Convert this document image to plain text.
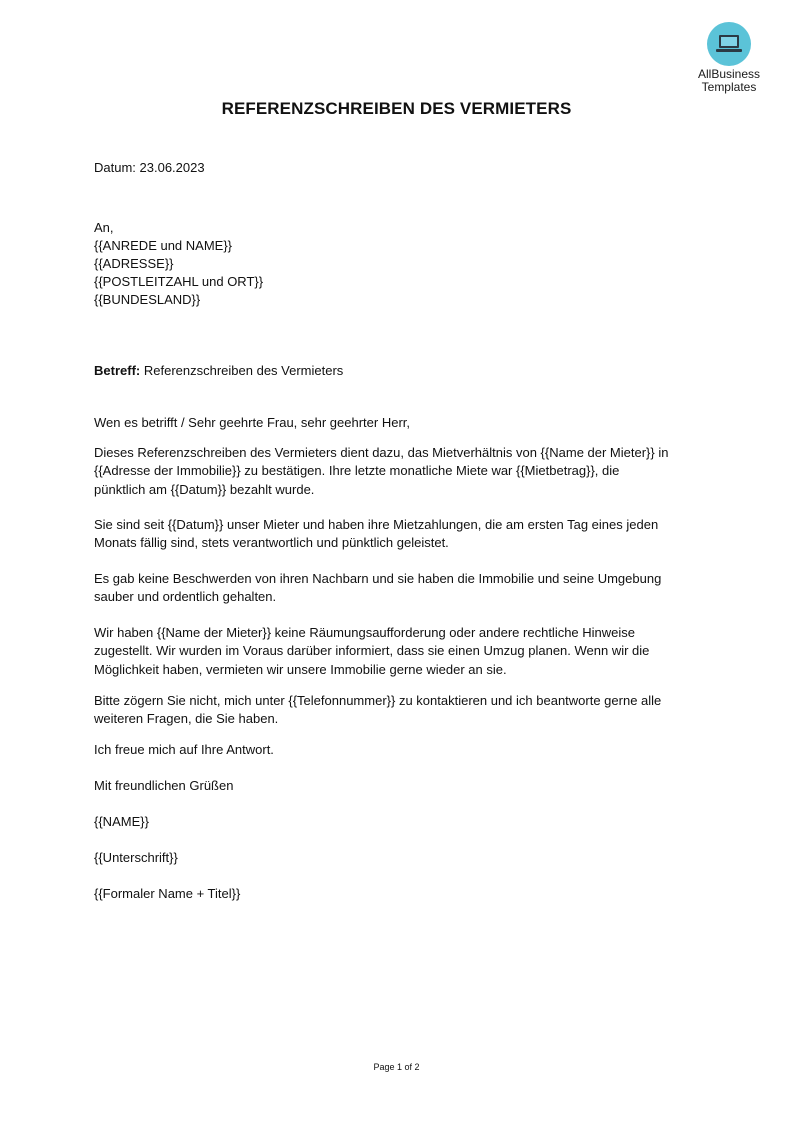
AllBusiness
Templates
REFERENZSCHREIBEN DES VERMIETERS
Datum: 23.06.2023
An,
{{ANREDE und NAME}}
{{ADRESSE}}
{{POSTLEITZAHL und ORT}}
{{BUNDESLAND}}
Betreff: Referenzschreiben des Vermieters
Wen es betrifft / Sehr geehrte Frau, sehr geehrter Herr,
Dieses Referenzschreiben des Vermieters dient dazu, das Mietverhältnis von {{Name der Mieter}} in
{{Adresse der Immobilie}} zu bestätigen. Ihre letzte monatliche Miete war {{Mietbetrag}}, die
pünktlich am {{Datum}} bezahlt wurde.
Sie sind seit {{Datum}} unser Mieter und haben ihre Mietzahlungen, die am ersten Tag eines jeden
Monats fällig sind, stets verantwortlich und pünktlich geleistet.
Es gab keine Beschwerden von ihren Nachbarn und sie haben die Immobilie und seine Umgebung
sauber und ordentlich gehalten.
Wir haben {{Name der Mieter}} keine Räumungsaufforderung oder andere rechtliche Hinweise
zugestellt. Wir wurden im Voraus darüber informiert, dass sie einen Umzug planen. Wenn wir die
Möglichkeit haben, vermieten wir unsere Immobilie gerne wieder an sie.
Bitte zögern Sie nicht, mich unter {{Telefonnummer}} zu kontaktieren und ich beantworte gerne alle
weiteren Fragen, die Sie haben.
Ich freue mich auf Ihre Antwort.
Mit freundlichen Grüßen
{{NAME}}
{{Unterschrift}}
{{Formaler Name + Titel}}
Page 1 of 2
